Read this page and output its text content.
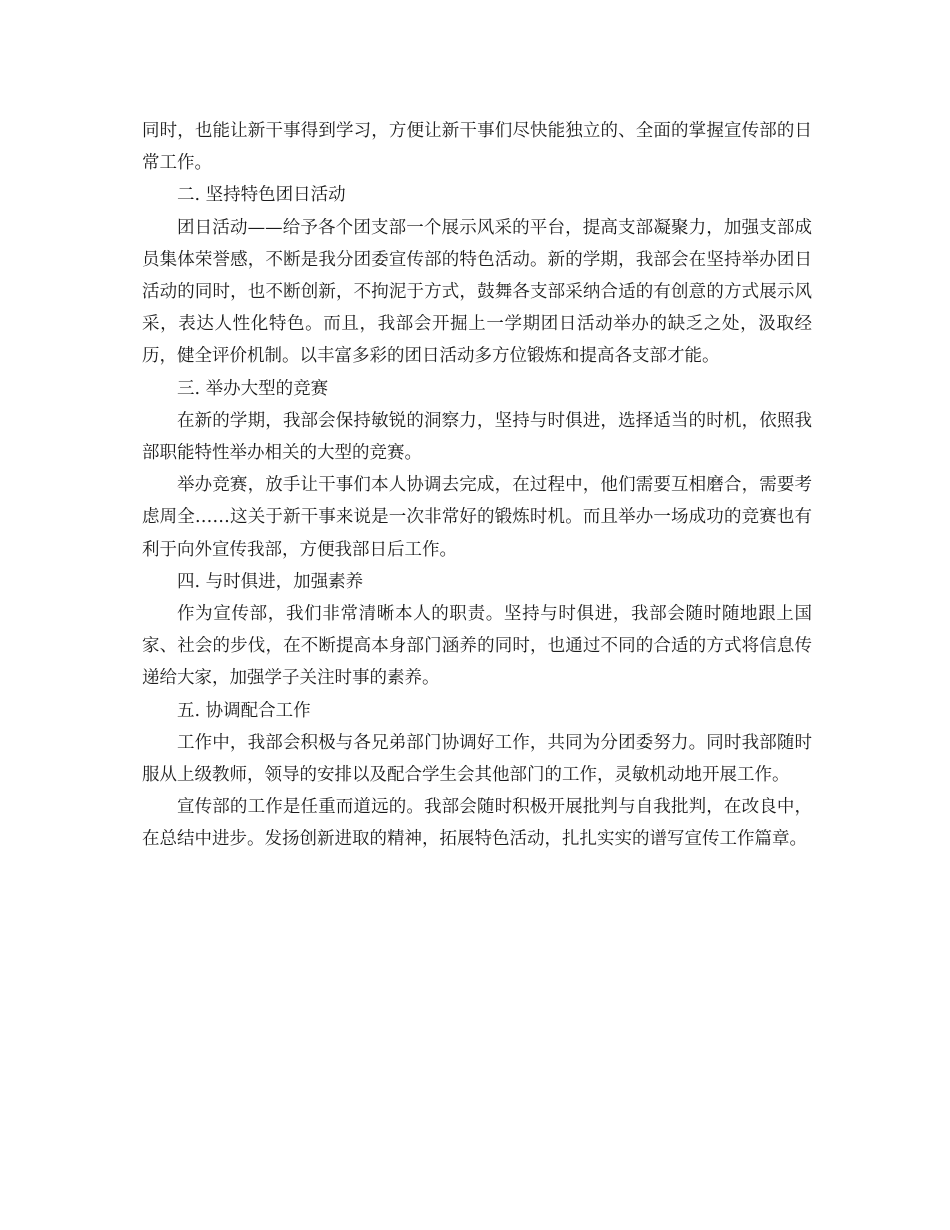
同时，也能让新干事得到学习，方便让新干事们尽快能独立的、全面的掌握宣传部的日常工作。

二. 坚持特色团日活动

团日活动——给予各个团支部一个展示风采的平台，提高支部凝聚力，加强支部成员集体荣誉感，不断是我分团委宣传部的特色活动。新的学期，我部会在坚持举办团日活动的同时，也不断创新，不拘泥于方式，鼓舞各支部采纳合适的有创意的方式展示风采，表达人性化特色。而且，我部会开掘上一学期团日活动举办的缺乏之处，汲取经历，健全评价机制。以丰富多彩的团日活动多方位锻炼和提高各支部才能。

三. 举办大型的竞赛

在新的学期，我部会保持敏锐的洞察力，坚持与时俱进，选择适当的时机，依照我部职能特性举办相关的大型的竞赛。

举办竞赛，放手让干事们本人协调去完成，在过程中，他们需要互相磨合，需要考虑周全……这关于新干事来说是一次非常好的锻炼时机。而且举办一场成功的竞赛也有利于向外宣传我部，方便我部日后工作。

四. 与时俱进，加强素养

作为宣传部，我们非常清晰本人的职责。坚持与时俱进，我部会随时随地跟上国家、社会的步伐，在不断提高本身部门涵养的同时，也通过不同的合适的方式将信息传递给大家，加强学子关注时事的素养。

五. 协调配合工作

工作中，我部会积极与各兄弟部门协调好工作，共同为分团委努力。同时我部随时服从上级教师，领导的安排以及配合学生会其他部门的工作，灵敏机动地开展工作。

宣传部的工作是任重而道远的。我部会随时积极开展批判与自我批判，在改良中，在总结中进步。发扬创新进取的精神，拓展特色活动，扎扎实实的谱写宣传工作篇章。
